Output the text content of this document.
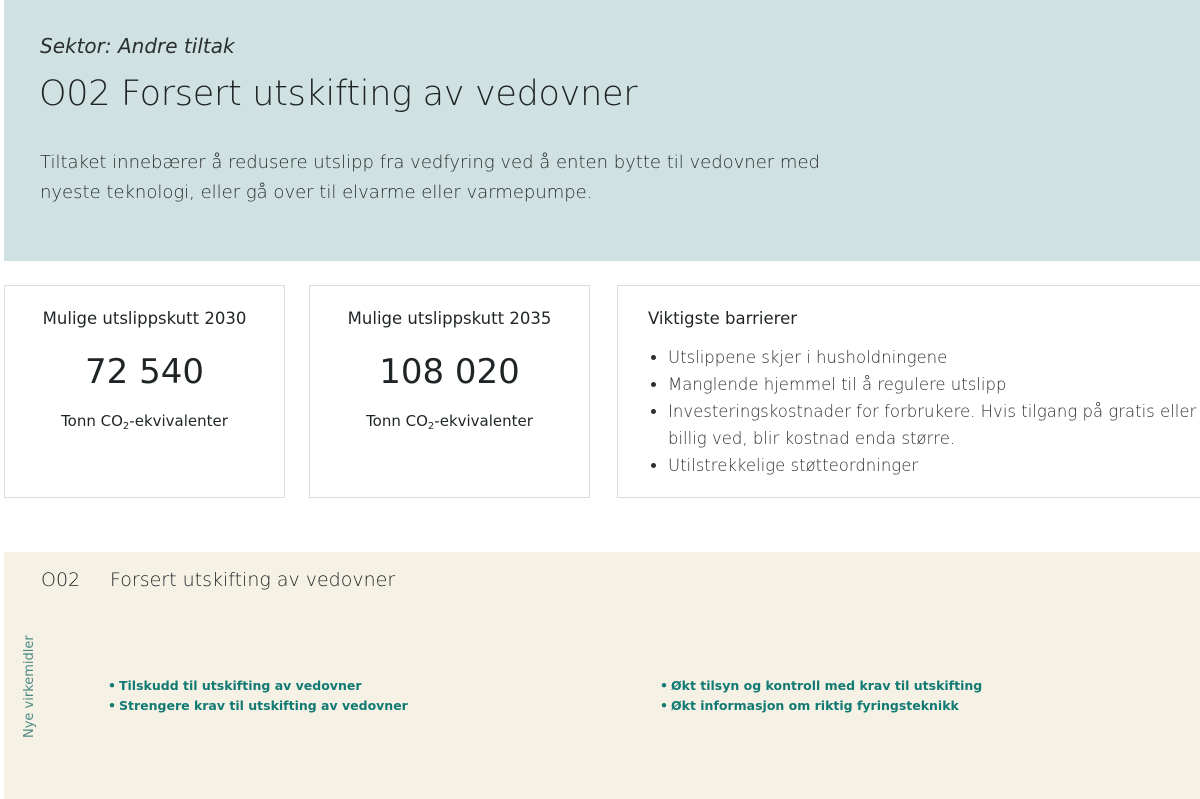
Sektor: Andre tiltak
O02 Forsert utskifting av vedovner

Tiltaket innebærer å redusere utslipp fra vedfyring ved å enten bytte til vedovner med nyeste teknologi, eller gå over til elvarme eller varmepumpe.

Mulige utslippskutt 2030
72 540
Tonn $CO_2$-ekvivalenter
Mulige utslippskutt 2035
108 020
Tonn $CO_2$-ekvivalenter
Viktigste barrierer
• Utslippene skjer i husholdningene
• Manglende hjemmel til å regulere utslipp
• Investeringskostnader for forbrukere. Hvis tilgang på gratis eller billig ved, blir kostnad enda større.
• Utilstrekkelige støtteordninger
O02 Forsert utskifting av vedovner
Nye virkemidler
•	Tilskudd til utskifting av vedovner
• Strengere krav til utskifting av vedovner
• Økt tilsyn og kontroll med krav til utskifting
• Økt informasjon om riktig fyringsteknikk
